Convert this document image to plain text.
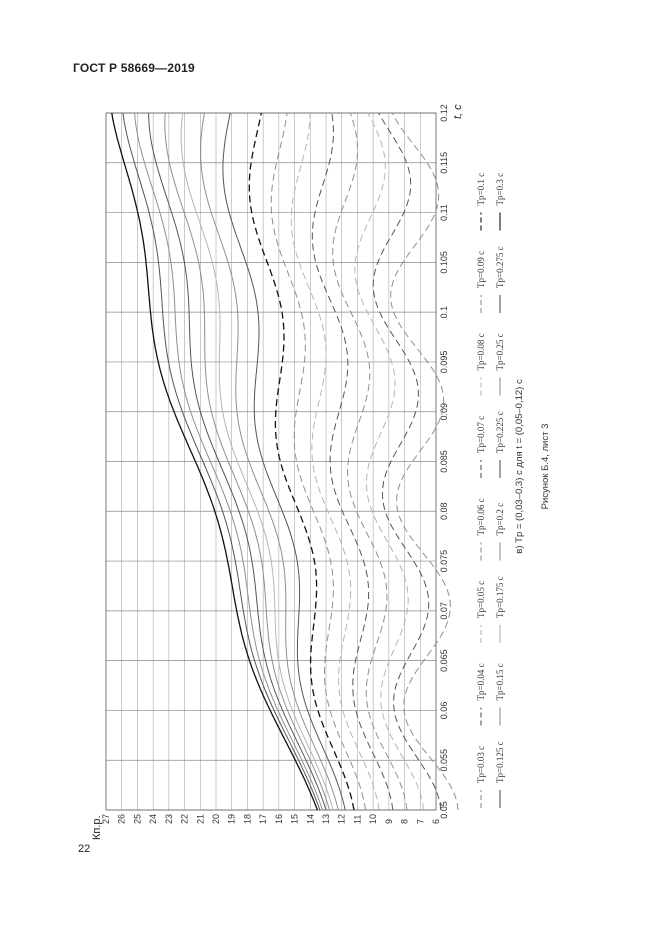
ГОСТ Р 58669—2019
22
6
7
8
9
10
11
12
13
14
15
16
17
18
19
20
21
22
23
24
25
26
27
0.05
0.055
0.06
0.065
0.07
0.075
0.08
0.085
0.09
0.095
0.1
0.105
0.11
0.115
0.12
Кп.р.
t, с
Tp=0.03 c
Tp=0.04 c
Tp=0.05 c
Tp=0.06 c
Tp=0.07 c
Tp=0.08 c
Tp=0.09 c
Tp=0.1 c
Tp=0.125 c
Tp=0.15 c
Tp=0.175 c
Tp=0.2 c
Tp=0.225 c
Tp=0.25 c
Tp=0.275 c
Tp=0.3 c
в) Tp = (0,03–0,3) с для t = (0,05–0,12) с Рисунок Б.4, лист 3
